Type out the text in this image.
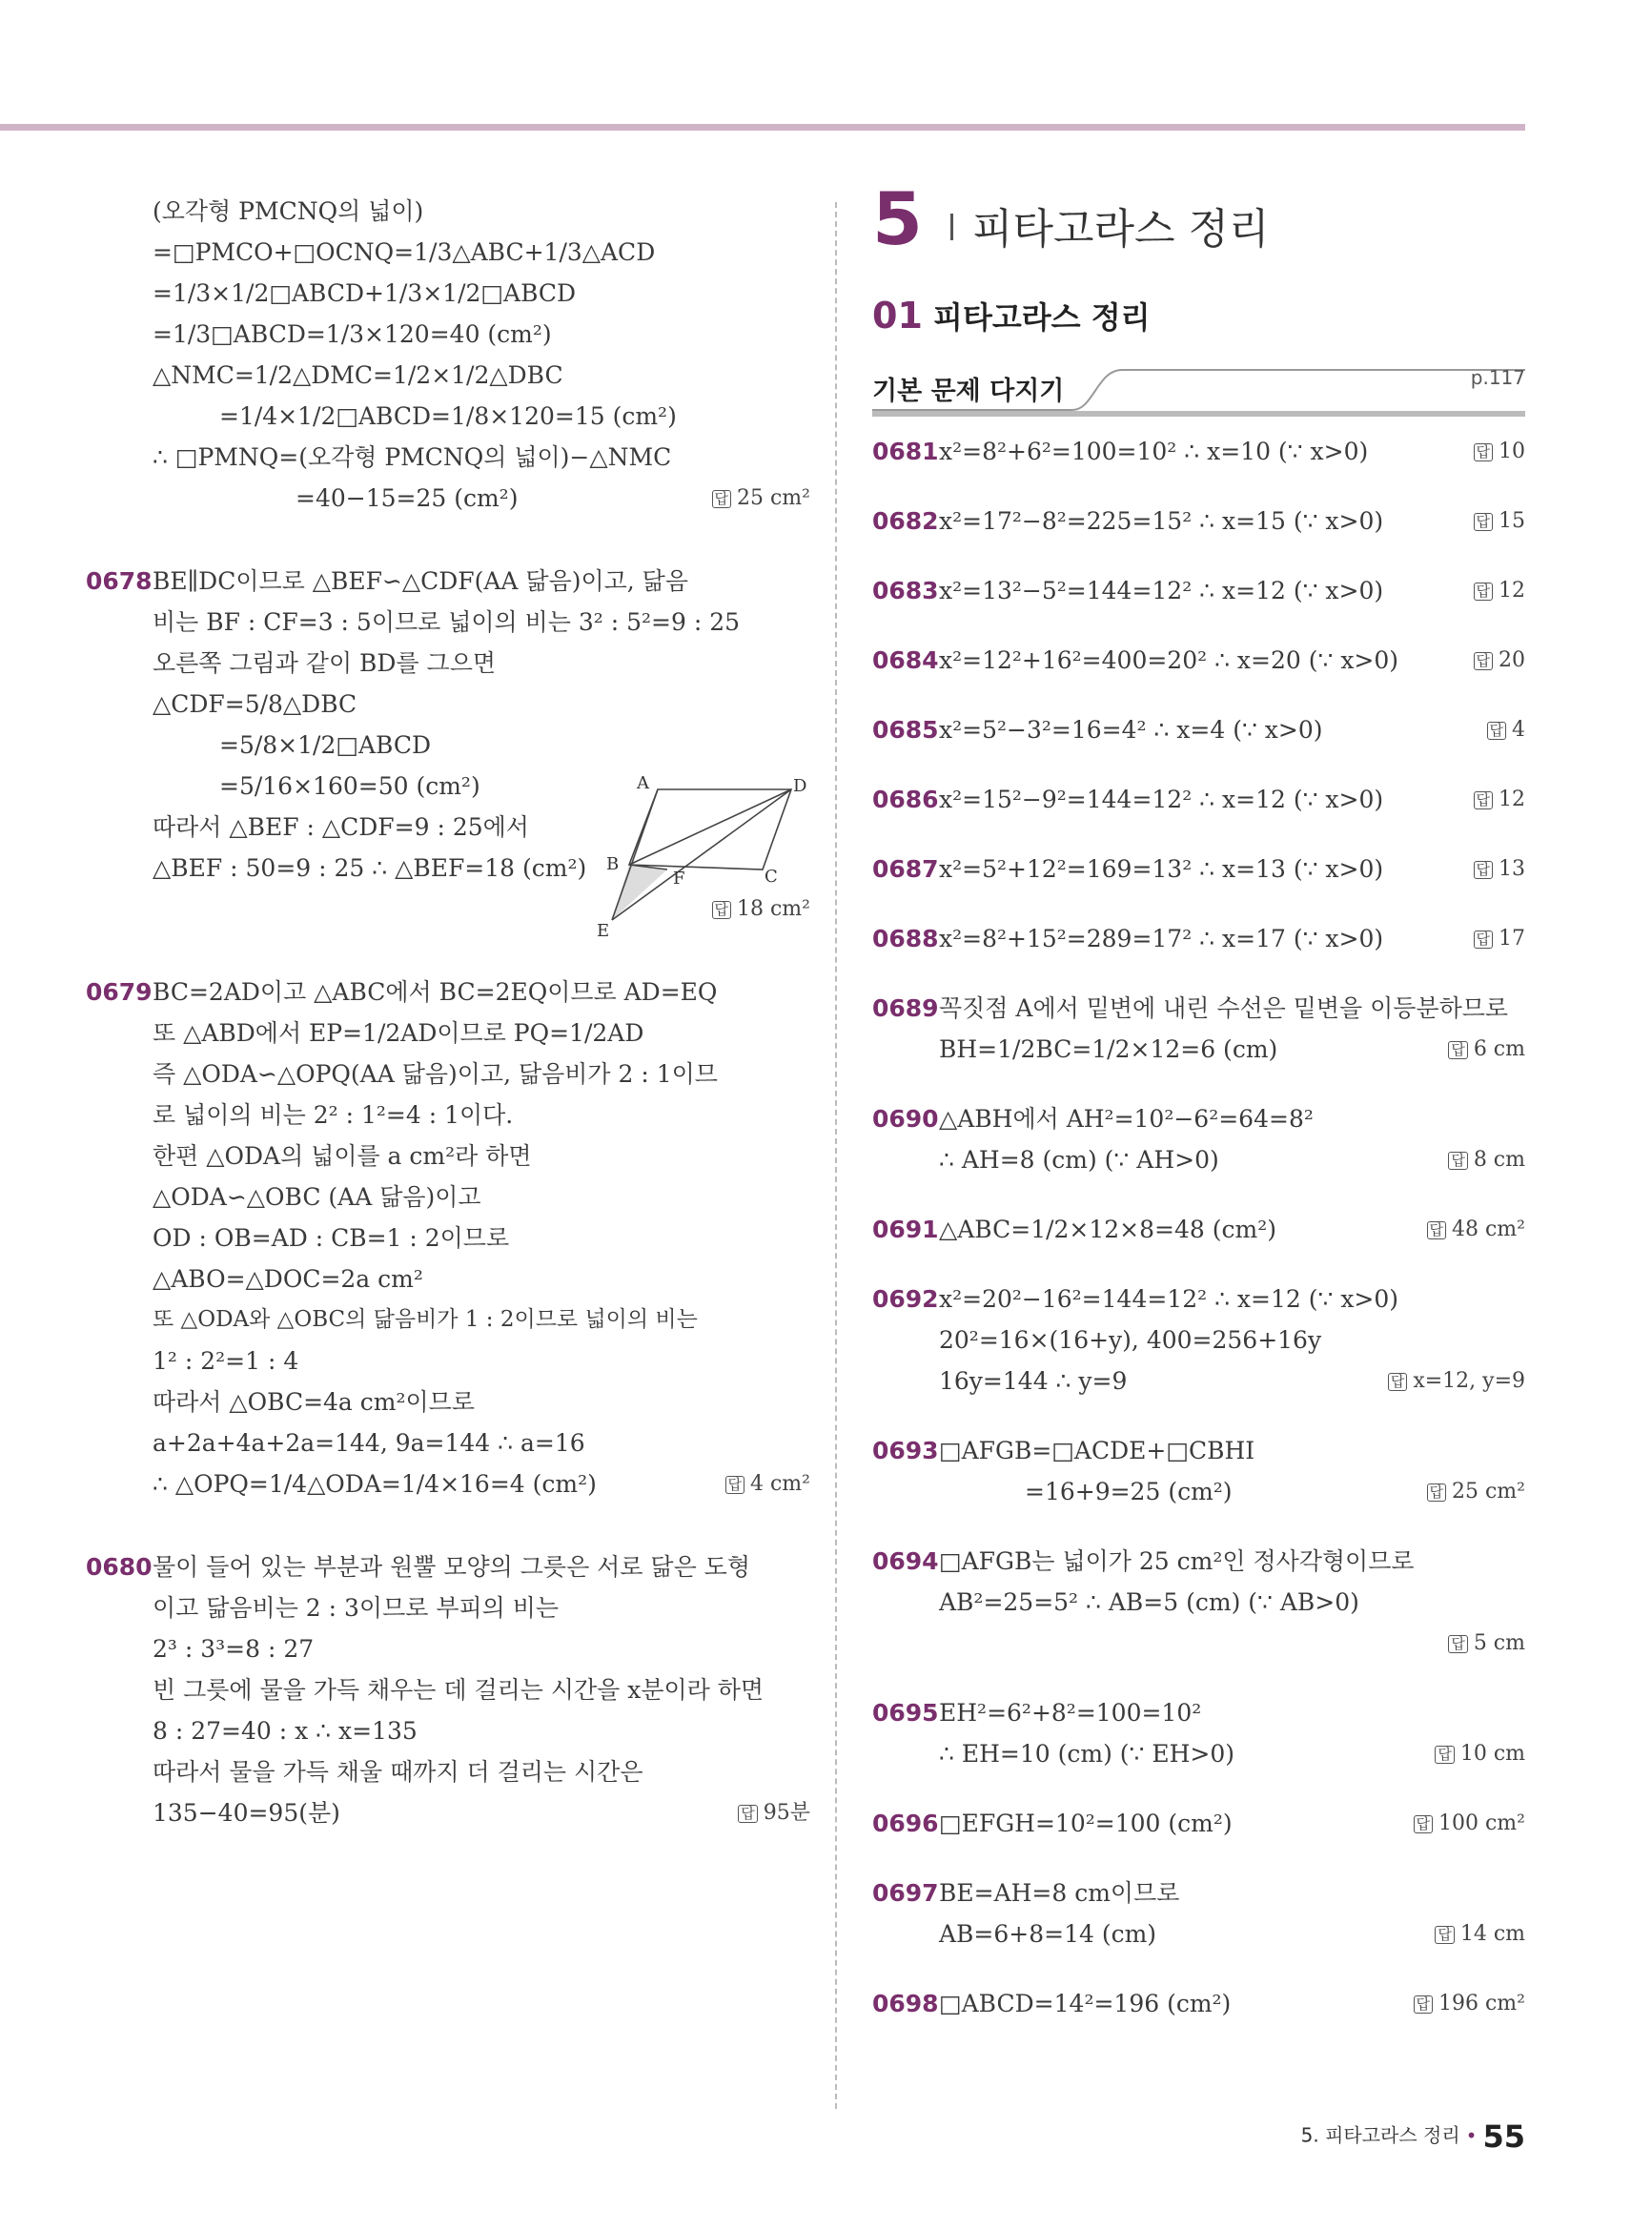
(오각형 PMCNQ의 넓이)
=□PMCO+□OCNQ=1/3△ABC+1/3△ACD
=1/3×1/2□ABCD+1/3×1/2□ABCD
=1/3□ABCD=1/3×120=40 (cm²)
△NMC=1/2△DMC=1/2×1/2△DBC
=1/4×1/2□ABCD=1/8×120=15 (cm²)
∴ □PMNQ=(오각형 PMCNQ의 넓이)−△NMC
=40−15=25 (cm²)	답 25 cm²
0678 BE∥DC이므로 △BEF∽△CDF(AA 닮음)이고, 닮음
비는 BF : CF=3 : 5이므로 넓이의 비는 3² : 5²=9 : 25
오른쪽 그림과 같이 BD를 그으면
△CDF=5/8△DBC
=5/8×1/2□ABCD
=5/16×160=50 (cm²)
따라서 △BEF : △CDF=9 : 25에서
△BEF : 50=9 : 25 ∴ △BEF=18 (cm²)

답 18 cm²
0679 BC=2AD이고 △ABC에서 BC=2EQ이므로 AD=EQ
또 △ABD에서 EP=1/2AD이므로 PQ=1/2AD
즉 △ODA∽△OPQ(AA 닮음)이고, 닮음비가 2 : 1이므
로 넓이의 비는 2² : 1²=4 : 1이다.
한편 △ODA의 넓이를 a cm²라 하면
△ODA∽△OBC (AA 닮음)이고
OD : OB=AD : CB=1 : 2이므로
△ABO=△DOC=2a cm²
또 △ODA와 △OBC의 닮음비가 1 : 2이므로 넓이의 비는
1² : 2²=1 : 4
따라서 △OBC=4a cm²이므로
a+2a+4a+2a=144, 9a=144 ∴ a=16
∴ △OPQ=1/4△ODA=1/4×16=4 (cm²)	답 4 cm²
0680 물이 들어 있는 부분과 원뿔 모양의 그릇은 서로 닮은 도형
이고 닮음비는 2 : 3이므로 부피의 비는
2³ : 3³=8 : 27
빈 그릇에 물을 가득 채우는 데 걸리는 시간을 x분이라 하면
8 : 27=40 : x ∴ x=135
따라서 물을 가득 채울 때까지 더 걸리는 시간은
135−40=95(분)	답 95분
A	D
B
F	C
E
5 피타고라스 정리
01 피타고라스 정리
기본 문제 다지기	p.117
0681 x²=8²+6²=100=10² ∴ x=10 (∵ x>0)	답 10
0682 x²=17²−8²=225=15² ∴ x=15 (∵ x>0)	답 15
0683 x²=13²−5²=144=12² ∴ x=12 (∵ x>0)	답 12
0684 x²=12²+16²=400=20² ∴ x=20 (∵ x>0)	답 20
0685 x²=5²−3²=16=4² ∴ x=4 (∵ x>0)	답 4
0686 x²=15²−9²=144=12² ∴ x=12 (∵ x>0)	답 12
0687 x²=5²+12²=169=13² ∴ x=13 (∵ x>0)	답 13
0688 x²=8²+15²=289=17² ∴ x=17 (∵ x>0)	답 17
0689 꼭짓점 A에서 밑변에 내린 수선은 밑변을 이등분하므로
BH=1/2BC=1/2×12=6 (cm)	답 6 cm
0690 △ABH에서 AH²=10²−6²=64=8²
∴ AH=8 (cm) (∵ AH>0)	답 8 cm
0691 △ABC=1/2×12×8=48 (cm²)	답 48 cm²
0692 x²=20²−16²=144=12² ∴ x=12 (∵ x>0)
20²=16×(16+y), 400=256+16y
16y=144 ∴ y=9	답 x=12, y=9
0693 □AFGB=□ACDE+□CBHI
=16+9=25 (cm²)	답 25 cm²
0694 □AFGB는 넓이가 25 cm²인 정사각형이므로
AB²=25=5² ∴ AB=5 (cm) (∵ AB>0)

답 5 cm
0695 EH²=6²+8²=100=10²
∴ EH=10 (cm) (∵ EH>0)	답 10 cm
0696 □EFGH=10²=100 (cm²)	답 100 cm²
0697 BE=AH=8 cm이므로
AB=6+8=14 (cm)	답 14 cm
0698 □ABCD=14²=196 (cm²)	답 196 cm²
5. 피타고라스 정리 • 55
